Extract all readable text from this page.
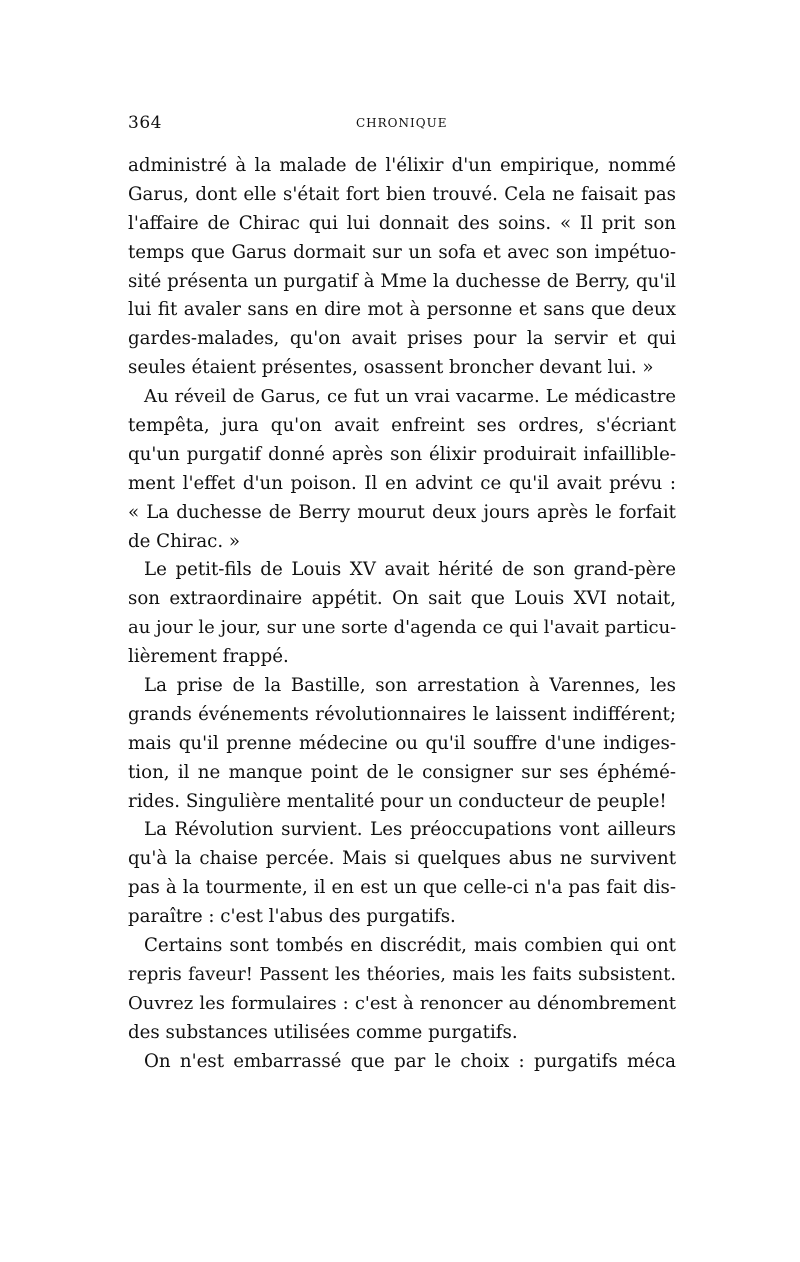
364	CHRONIQUE
administré à la malade de l'élixir d'un empirique, nommé
Garus, dont elle s'était fort bien trouvé. Cela ne faisait pas
l'affaire de Chirac qui lui donnait des soins. « Il prit son
temps que Garus dormait sur un sofa et avec son impétuo-
sité présenta un purgatif à Mme la duchesse de Berry, qu'il
lui fit avaler sans en dire mot à personne et sans que deux
gardes-malades, qu'on avait prises pour la servir et qui
seules étaient présentes, osassent broncher devant lui. »
Au réveil de Garus, ce fut un vrai vacarme. Le médicastre
tempêta, jura qu'on avait enfreint ses ordres, s'écriant
qu'un purgatif donné après son élixir produirait infaillible-
ment l'effet d'un poison. Il en advint ce qu'il avait prévu :
« La duchesse de Berry mourut deux jours après le forfait
de Chirac. »
Le petit-fils de Louis XV avait hérité de son grand-père
son extraordinaire appétit. On sait que Louis XVI notait,
au jour le jour, sur une sorte d'agenda ce qui l'avait particu-
lièrement frappé.
La prise de la Bastille, son arrestation à Varennes, les
grands événements révolutionnaires le laissent indifférent;
mais qu'il prenne médecine ou qu'il souffre d'une indiges-
tion, il ne manque point de le consigner sur ses éphémé-
rides. Singulière mentalité pour un conducteur de peuple!
La Révolution survient. Les préoccupations vont ailleurs
qu'à la chaise percée. Mais si quelques abus ne survivent
pas à la tourmente, il en est un que celle-ci n'a pas fait dis-
paraître : c'est l'abus des purgatifs.
Certains sont tombés en discrédit, mais combien qui ont
repris faveur! Passent les théories, mais les faits subsistent.
Ouvrez les formulaires : c'est à renoncer au dénombrement
des substances utilisées comme purgatifs.
On n'est embarrassé que par le choix : purgatifs méca
